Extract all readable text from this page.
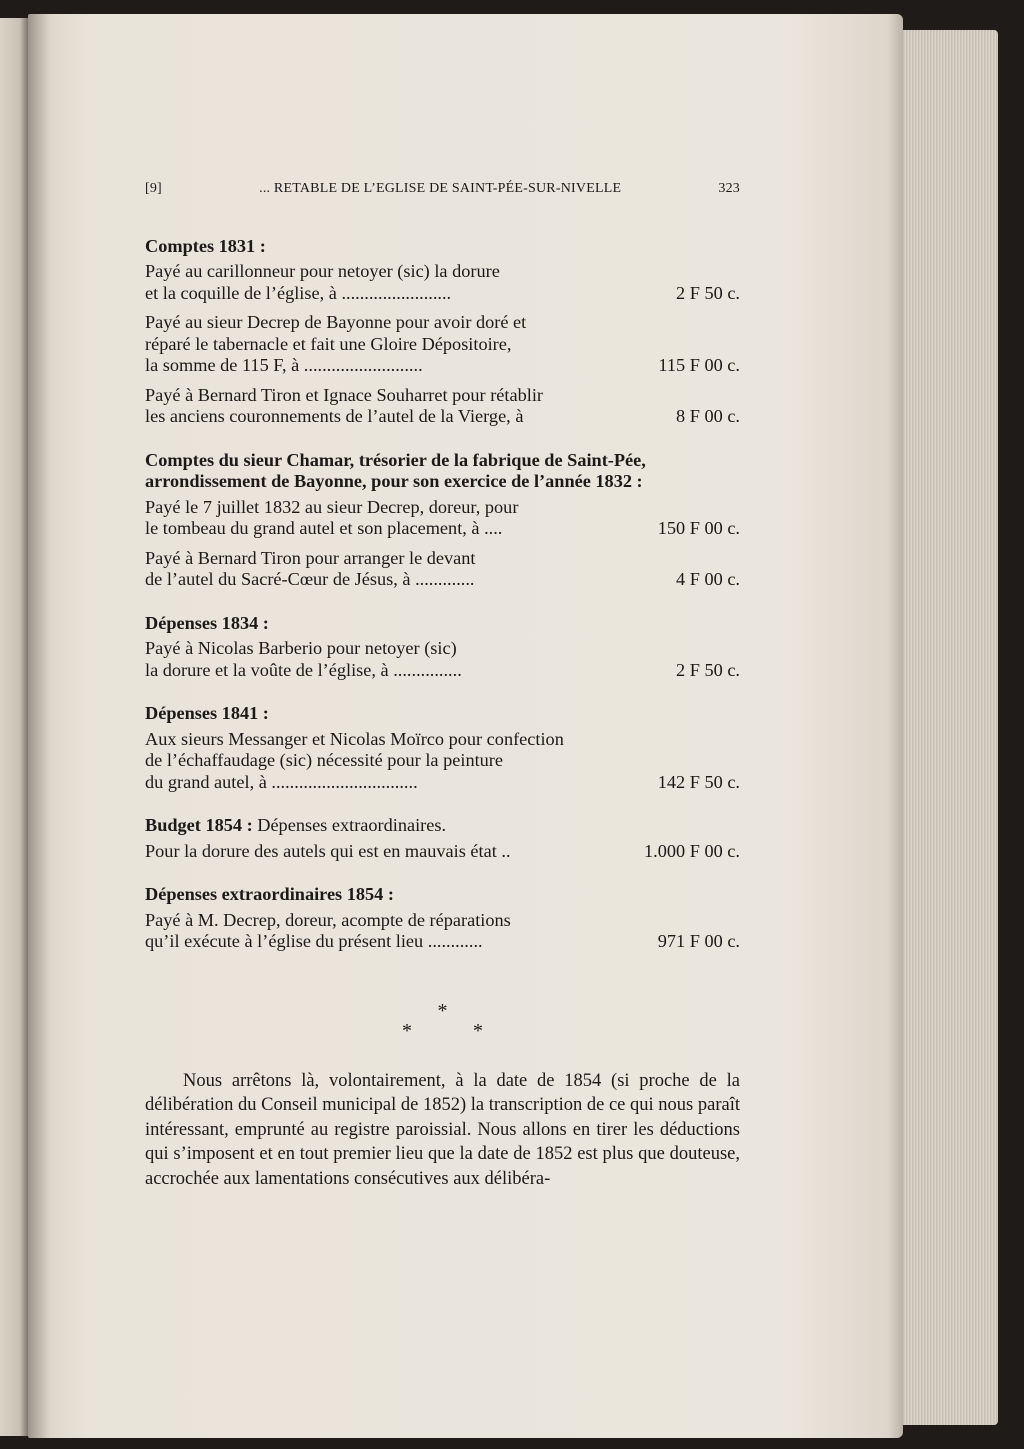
[9]	... RETABLE DE L’EGLISE DE SAINT-PÉE-SUR-NIVELLE	323
Comptes 1831 :
Payé au carillonneur pour netoyer (sic) la dorure
et la coquille de l’église, à ........................	2 F 50 c.
Payé au sieur Decrep de Bayonne pour avoir doré et
réparé le tabernacle et fait une Gloire Dépositoire,
la somme de 115 F, à ..........................	115 F 00 c.
Payé à Bernard Tiron et Ignace Souharret pour rétablir
les anciens couronnements de l’autel de la Vierge, à	8 F 00 c.
Comptes du sieur Chamar, trésorier de la fabrique de Saint-Pée, arrondissement de Bayonne, pour son exercice de l’année 1832 :
Payé le 7 juillet 1832 au sieur Decrep, doreur, pour
le tombeau du grand autel et son placement, à ....	150 F 00 c.
Payé à Bernard Tiron pour arranger le devant
de l’autel du Sacré-Cœur de Jésus, à .............	4 F 00 c.
Dépenses 1834 :
Payé à Nicolas Barberio pour netoyer (sic)
la dorure et la voûte de l’église, à ...............	2 F 50 c.
Dépenses 1841 :
Aux sieurs Messanger et Nicolas Moïrco pour confection
de l’échaffaudage (sic) nécessité pour la peinture
du grand autel, à ................................	142 F 50 c.
Budget 1854 : Dépenses extraordinaires.
Pour la dorure des autels qui est en mauvais état ..	1.000 F 00 c.
Dépenses extraordinaires 1854 :
Payé à M. Decrep, doreur, acompte de réparations
qu’il exécute à l’église du présent lieu ............	971 F 00 c.
*
* *
Nous arrêtons là, volontairement, à la date de 1854 (si proche de la délibération du Conseil municipal de 1852) la transcription de ce qui nous paraît intéressant, emprunté au registre paroissial. Nous allons en tirer les déductions qui s’imposent et en tout premier lieu que la date de 1852 est plus que douteuse, accrochée aux lamentations consécutives aux délibéra-
